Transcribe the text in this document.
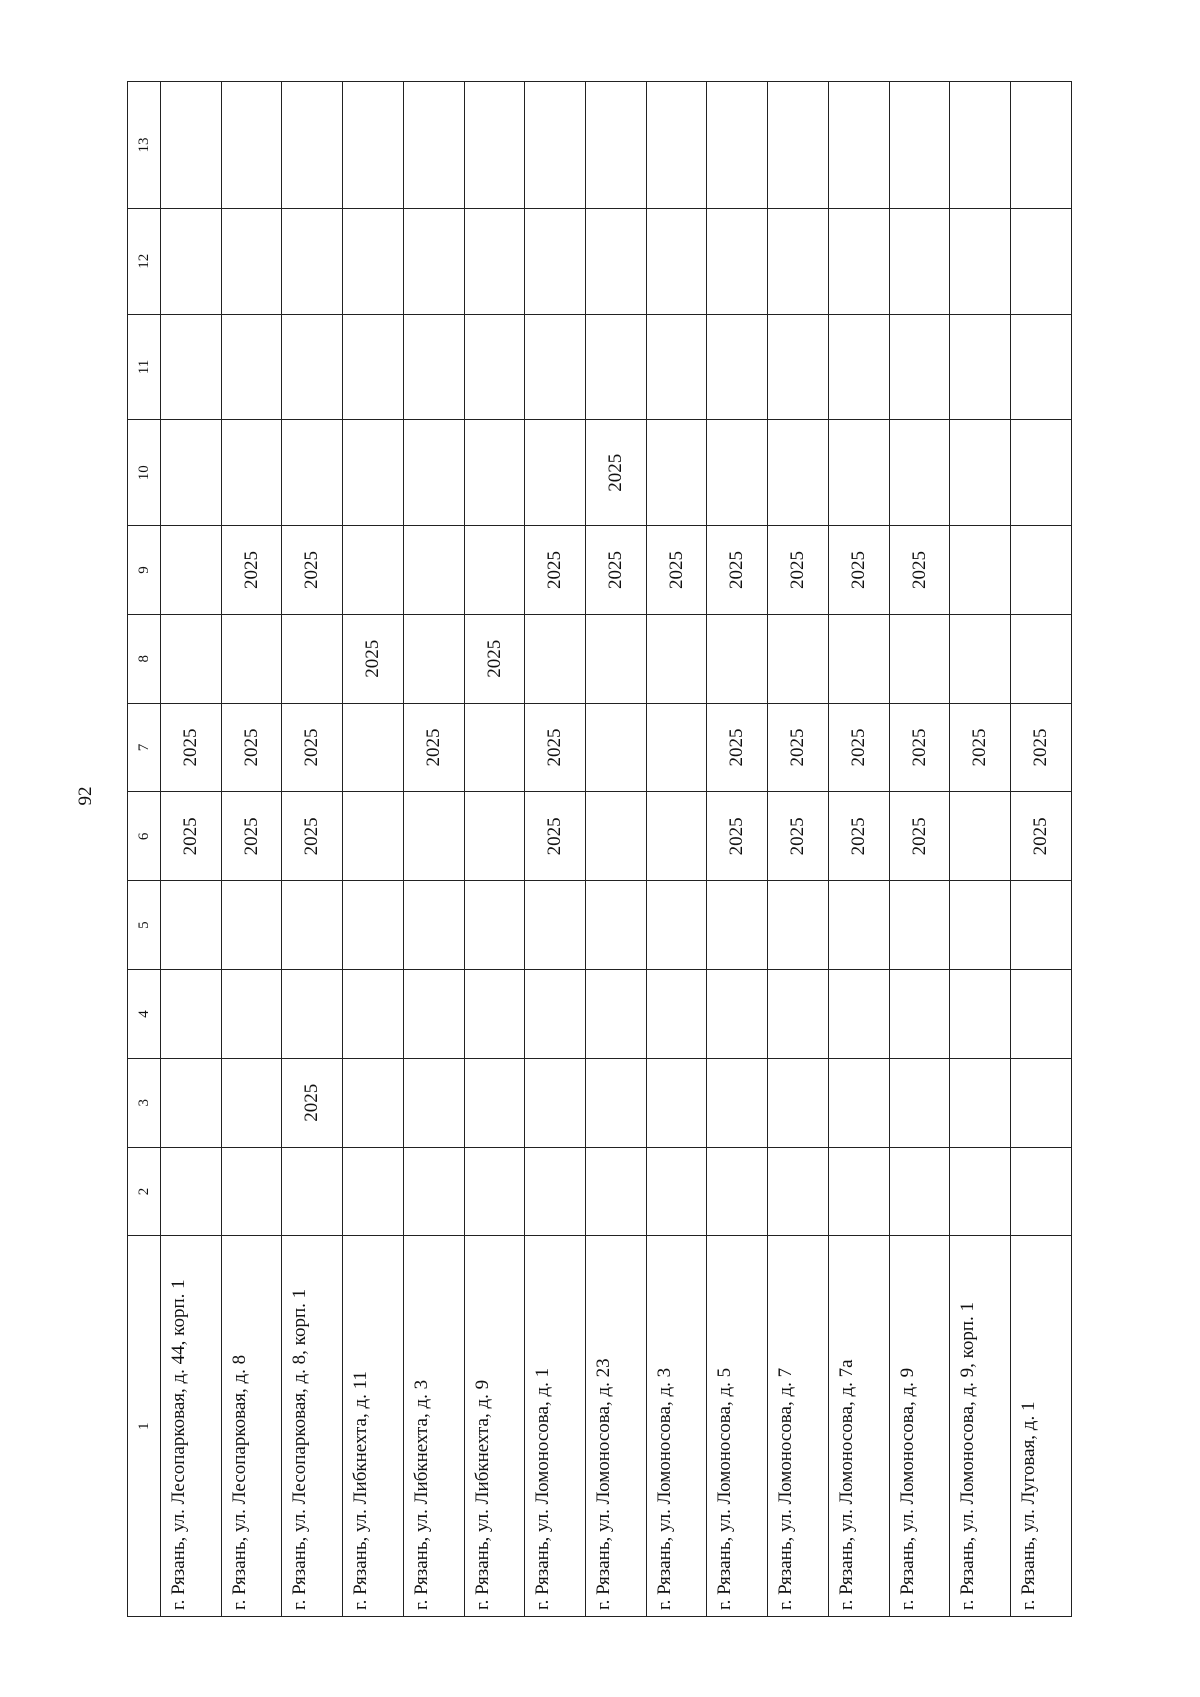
92
1	2	3	4	5	6	7	8	9	10	11	12	13
г. Рязань, ул. Лесопарковая, д. 44, корп. 1					2025	2025						
г. Рязань, ул. Лесопарковая, д. 8					2025	2025		2025				
г. Рязань, ул. Лесопарковая, д. 8, корп. 1		2025			2025	2025		2025				
г. Рязань, ул. Либкнехта, д. 11							2025					
г. Рязань, ул. Либкнехта, д. 3						2025						
г. Рязань, ул. Либкнехта, д. 9							2025					
г. Рязань, ул. Ломоносова, д. 1					2025	2025		2025				
г. Рязань, ул. Ломоносова, д. 23								2025	2025			
г. Рязань, ул. Ломоносова, д. 3								2025				
г. Рязань, ул. Ломоносова, д. 5					2025	2025		2025				
г. Рязань, ул. Ломоносова, д. 7					2025	2025		2025				
г. Рязань, ул. Ломоносова, д. 7а					2025	2025		2025				
г. Рязань, ул. Ломоносова, д. 9					2025	2025		2025				
г. Рязань, ул. Ломоносова, д. 9, корп. 1						2025						
г. Рязань, ул. Луговая, д. 1					2025	2025						
